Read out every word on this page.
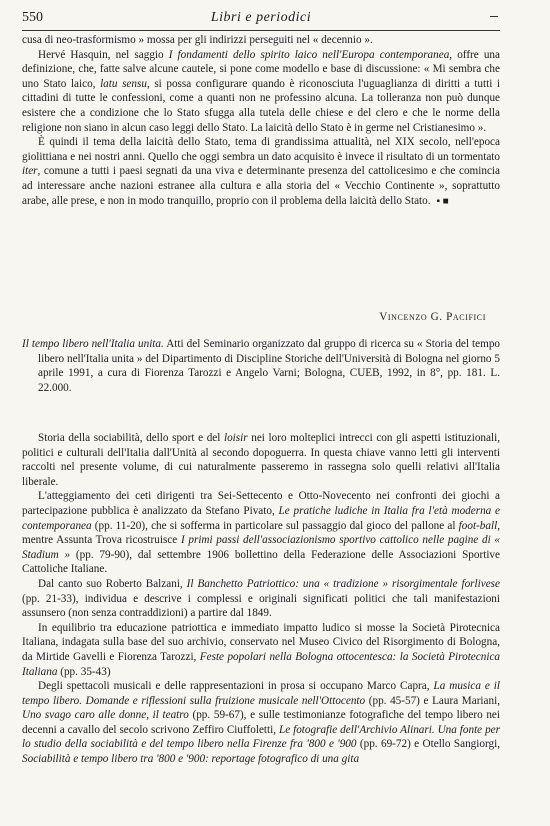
550	Libri e periodici

cusa di neo-trasformismo » mossa per gli indirizzi perseguiti nel « decennio ».

Hervé Hasquin, nel saggio I fondamenti dello spirito laico nell'Europa contemporanea, offre una definizione, che, fatte salve alcune cautele, si pone come modello e base di discussione: « Mi sembra che uno Stato laico, latu sensu, si possa configurare quando è riconosciuta l'uguaglianza di diritti a tutti i cittadini di tutte le confessioni, come a quanti non ne professino alcuna. La tolleranza non può dunque esistere che a condizione che lo Stato sfugga alla tutela delle chiese e del clero e che le norme della religione non siano in alcun caso leggi dello Stato. La laicità dello Stato è in germe nel Cristianesimo ».

È quindi il tema della laicità dello Stato, tema di grandissima attualità, nel XIX secolo, nell'epoca giolittiana e nei nostri anni. Quello che oggi sembra un dato acquisito è invece il risultato di un tormentato iter, comune a tutti i paesi segnati da una viva e determinante presenza del cattolicesimo e che comincia ad interessare anche nazioni estranee alla cultura e alla storia del « Vecchio Continente », soprattutto arabe, alle prese, e non in modo tranquillo, proprio con il problema della laicità dello Stato. ▪ ■

Vincenzo G. Pacifici

Il tempo libero nell'Italia unita. Atti del Seminario organizzato dal gruppo di ricerca su « Storia del tempo libero nell'Italia unita » del Dipartimento di Discipline Storiche dell'Università di Bologna nel giorno 5 aprile 1991, a cura di Fiorenza Tarozzi e Angelo Varni; Bologna, CUEB, 1992, in 8°, pp. 181. L. 22.000.

Storia della sociabilità, dello sport e del loisir nei loro molteplici intrecci con gli aspetti istituzionali, politici e culturali dell'Italia dall'Unità al secondo dopoguerra. In questa chiave vanno letti gli interventi raccolti nel presente volume, di cui naturalmente passeremo in rassegna solo quelli relativi all'Italia liberale.

L'atteggiamento dei ceti dirigenti tra Sei-Settecento e Otto-Novecento nei confronti dei giochi a partecipazione pubblica è analizzato da Stefano Pivato, Le pratiche ludiche in Italia fra l'età moderna e contemporanea (pp. 11-20), che si sofferma in particolare sul passaggio dal gioco del pallone al foot-ball, mentre Assunta Trova ricostruisce I primi passi dell'associazionismo sportivo cattolico nelle pagine di « Stadium » (pp. 79-90), dal settembre 1906 bollettino della Federazione delle Associazioni Sportive Cattoliche Italiane.

Dal canto suo Roberto Balzani, Il Banchetto Patriottico: una « tradizione » risorgimentale forlivese (pp. 21-33), individua e descrive i complessi e originali significati politici che tali manifestazioni assunsero (non senza contraddizioni) a partire dal 1849.

In equilibrio tra educazione patriottica e immediato impatto ludico si mosse la Società Pirotecnica Italiana, indagata sulla base del suo archivio, conservato nel Museo Civico del Risorgimento di Bologna, da Mirtide Gavelli e Fiorenza Tarozzi, Feste popolari nella Bologna ottocentesca: la Società Pirotecnica Italiana (pp. 35-43)

Degli spettacoli musicali e delle rappresentazioni in prosa si occupano Marco Capra, La musica e il tempo libero. Domande e riflessioni sulla fruizione musicale nell'Ottocento (pp. 45-57) e Laura Mariani, Uno svago caro alle donne, il teatro (pp. 59-67), e sulle testimonianze fotografiche del tempo libero nei decenni a cavallo del secolo scrivono Zeffiro Ciuffoletti, Le fotografie dell'Archivio Alinari. Una fonte per lo studio della sociabilità e del tempo libero nella Firenze fra '800 e '900 (pp. 69-72) e Otello Sangiorgi, Sociabilità e tempo libero tra '800 e '900: reportage fotografico di una gita
